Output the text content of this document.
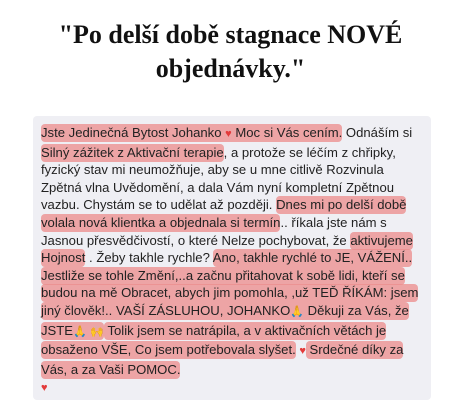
"Po delší době stagnace NOVÉ
objednávky."

Jste Jedinečná Bytost Johanko ♥ Moc si Vás cením. Odnáším si Silný zážitek z Aktivační terapie, a protože se léčím z chřipky, fyzický stav mi neumožňuje, aby se u mne citlivě Rozvinula Zpětná vlna Uvědomění, a dala Vám nyní kompletní Zpětnou vazbu. Chystám se to udělat až později. Dnes mi po delší době volala nová klientka a objednala si termín.. říkala jste nám s Jasnou přesvědčivostí, o které Nelze pochybovat, že aktivujeme Hojnost . Žeby takhle rychle? Ano, takhle rychlé to JE, VÁŽENÍ.. Jestliže se tohle Změní,..a začnu přitahovat k sobě lidi, kteří se budou na mě Obracet, abych jim pomohla, ,už TEĎ ŘÍKÁM: jsem jiný člověk!.. VAŠÍ ZÁSLUHOU, JOHANKO🙏 Děkuji za Vás, že JSTE🙏 🙌 Tolik jsem se natrápila, a v aktivačních větách je obsaženo VŠE, Co jsem potřebovala slyšet. ♥ Srdečné díky za Vás, a za Vaši POMOC.
♥
